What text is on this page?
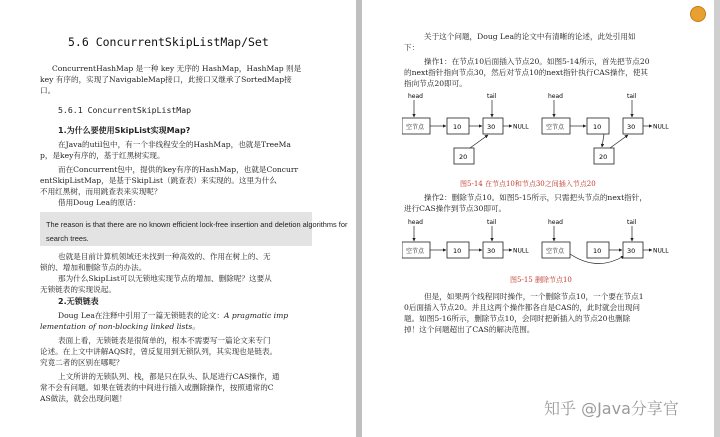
5.6 ConcurrentSkipListMap/Set
ConcurrentHashMap 是一种 key 无序的 HashMap，HashMap 则是
key 有序的，实现了NavigableMap接口，此接口又继承了SortedMap接
口。
5.6.1 ConcurrentSkipListMap
1.为什么要使用SkipList实现Map?
在Java的util包中，有一个非线程安全的HashMap，也就是TreeMa
p，是key有序的，基于红黑树实现。
而在Concurrent包中，提供的key有序的HashMap，也就是Concurr
entSkipListMap，是基于SkipList（跳查表）来实现的。这里为什么
不用红黑树，而用跳查表来实现呢？
借用Doug Lea的原话：
The reason is that there are no known efficient lock-free insertion and deletion algorithms for
search trees.
也就是目前计算机领域还未找到一种高效的、作用在树上的、无
锁的、增加和删除节点的办法。
那为什么SkipList可以无锁地实现节点的增加、删除呢？这要从
无锁链表的实现说起。
2.无锁链表
Doug Lea在注释中引用了一篇无锁链表的论文：A pragmatic imp
lementation of non-blocking linked lists。
表面上看，无锁链表是很简单的，根本不需要写一篇论文来专门
论述。在上文中讲解AQS时，曾反复用到无锁队列，其实现也是链表。
究竟二者的区别在哪呢？
上文所讲的无锁队列、栈，都是只在队头、队尾进行CAS操作，通
常不会有问题。如果在链表的中间进行插入或删除操作，按照通常的C
AS做法，就会出现问题！
关于这个问题，Doug Lea的论文中有清晰的论述，此处引用如
下：
操作1：在节点10后面插入节点20。如图5-14所示，首先把节点20
的next指针指向节点30，然后对节点10的next指针执行CAS操作，使其
指向节点20即可。
head	tail
空节点	10	30	NULL
20
head	tail
空节点	10	30	NULL
20
图5-14 在节点10和节点30之间插入节点20
操作2：删除节点10。如图5-15所示，只需把头节点的next指针，
进行CAS操作到节点30即可。
head	tail
空节点	10	30	NULL
head	tail
空节点	10	30	NULL
图5-15 删除节点10
但是，如果两个线程同时操作，一个删除节点10，一个要在节点1
0后面插入节点20。并且这两个操作都各自是CAS的，此时就会出现问
题。如图5-16所示，删除节点10，会同时把新插入的节点20也删除
掉！这个问题超出了CAS的解决范围。
知乎 @Java分享官
